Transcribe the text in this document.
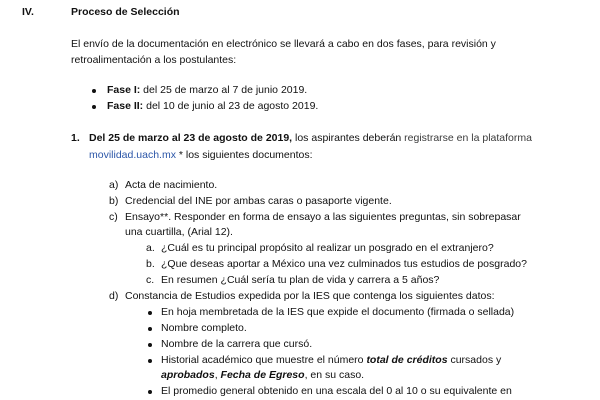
IV.	Proceso de Selección
El envío de la documentación en electrónico se llevará a cabo en dos fases, para revisión y
retroalimentación a los postulantes:
Fase I: del 25 de marzo al 7 de junio 2019.
Fase II: del 10 de junio al 23 de agosto 2019.
1. Del 25 de marzo al 23 de agosto de 2019, los aspirantes deberán registrarse en la plataforma
movilidad.uach.mx * los siguientes documentos:
a) Acta de nacimiento.
b) Credencial del INE por ambas caras o pasaporte vigente.
c) Ensayo**. Responder en forma de ensayo a las siguientes preguntas, sin sobrepasar
una cuartilla, (Arial 12).
a. ¿Cuál es tu principal propósito al realizar un posgrado en el extranjero?
b. ¿Que deseas aportar a México una vez culminados tus estudios de posgrado?
c. En resumen ¿Cuál sería tu plan de vida y carrera a 5 años?
d) Constancia de Estudios expedida por la IES que contenga los siguientes datos:
En hoja membretada de la IES que expide el documento (firmada o sellada)
Nombre completo.
Nombre de la carrera que cursó.
Historial académico que muestre el número total de créditos cursados y
aprobados, Fecha de Egreso, en su caso.
El promedio general obtenido en una escala del 0 al 10 o su equivalente en
